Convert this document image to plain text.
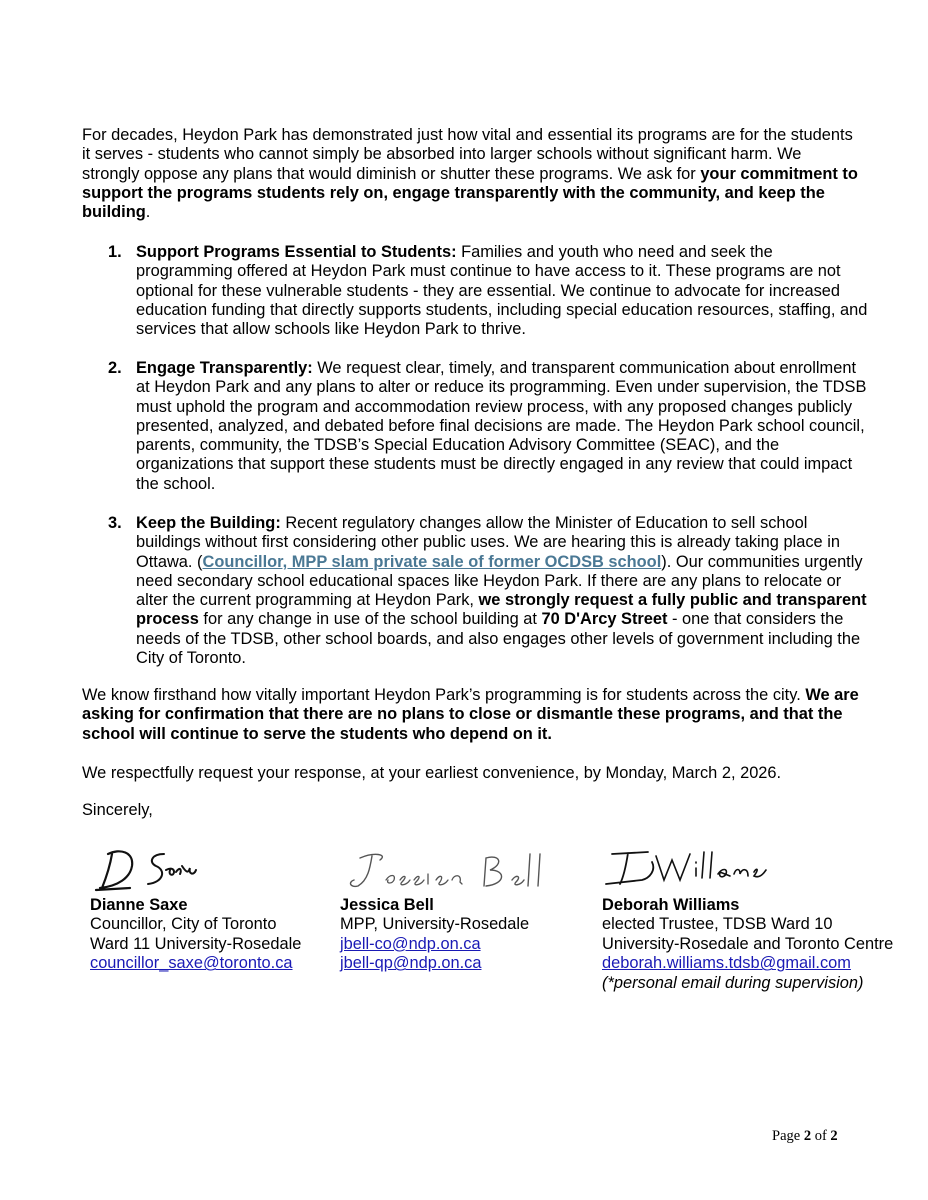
For decades, Heydon Park has demonstrated just how vital and essential its programs are for the students it serves - students who cannot simply be absorbed into larger schools without significant harm. We strongly oppose any plans that would diminish or shutter these programs. We ask for your commitment to support the programs students rely on, engage transparently with the community, and keep the building.

1. Support Programs Essential to Students: Families and youth who need and seek the programming offered at Heydon Park must continue to have access to it. These programs are not optional for these vulnerable students - they are essential. We continue to advocate for increased education funding that directly supports students, including special education resources, staffing, and services that allow schools like Heydon Park to thrive.

2. Engage Transparently: We request clear, timely, and transparent communication about enrollment at Heydon Park and any plans to alter or reduce its programming. Even under supervision, the TDSB must uphold the program and accommodation review process, with any proposed changes publicly presented, analyzed, and debated before final decisions are made. The Heydon Park school council, parents, community, the TDSB’s Special Education Advisory Committee (SEAC), and the organizations that support these students must be directly engaged in any review that could impact the school.

3. Keep the Building: Recent regulatory changes allow the Minister of Education to sell school buildings without first considering other public uses. We are hearing this is already taking place in Ottawa. (Councillor, MPP slam private sale of former OCDSB school). Our communities urgently need secondary school educational spaces like Heydon Park. If there are any plans to relocate or alter the current programming at Heydon Park, we strongly request a fully public and transparent process for any change in use of the school building at 70 D'Arcy Street - one that considers the needs of the TDSB, other school boards, and also engages other levels of government including the City of Toronto.

We know firsthand how vitally important Heydon Park’s programming is for students across the city. We are asking for confirmation that there are no plans to close or dismantle these programs, and that the school will continue to serve the students who depend on it.

We respectfully request your response, at your earliest convenience, by Monday, March 2, 2026.

Sincerely,

Dianne Saxe
Councillor, City of Toronto
Ward 11 University-Rosedale
councillor_saxe@toronto.ca
Jessica Bell
MPP, University-Rosedale
jbell-co@ndp.on.ca
jbell-qp@ndp.on.ca
Deborah Williams
elected Trustee, TDSB Ward 10
University-Rosedale and Toronto Centre
deborah.williams.tdsb@gmail.com
(*personal email during supervision)
Page 2 of 2
